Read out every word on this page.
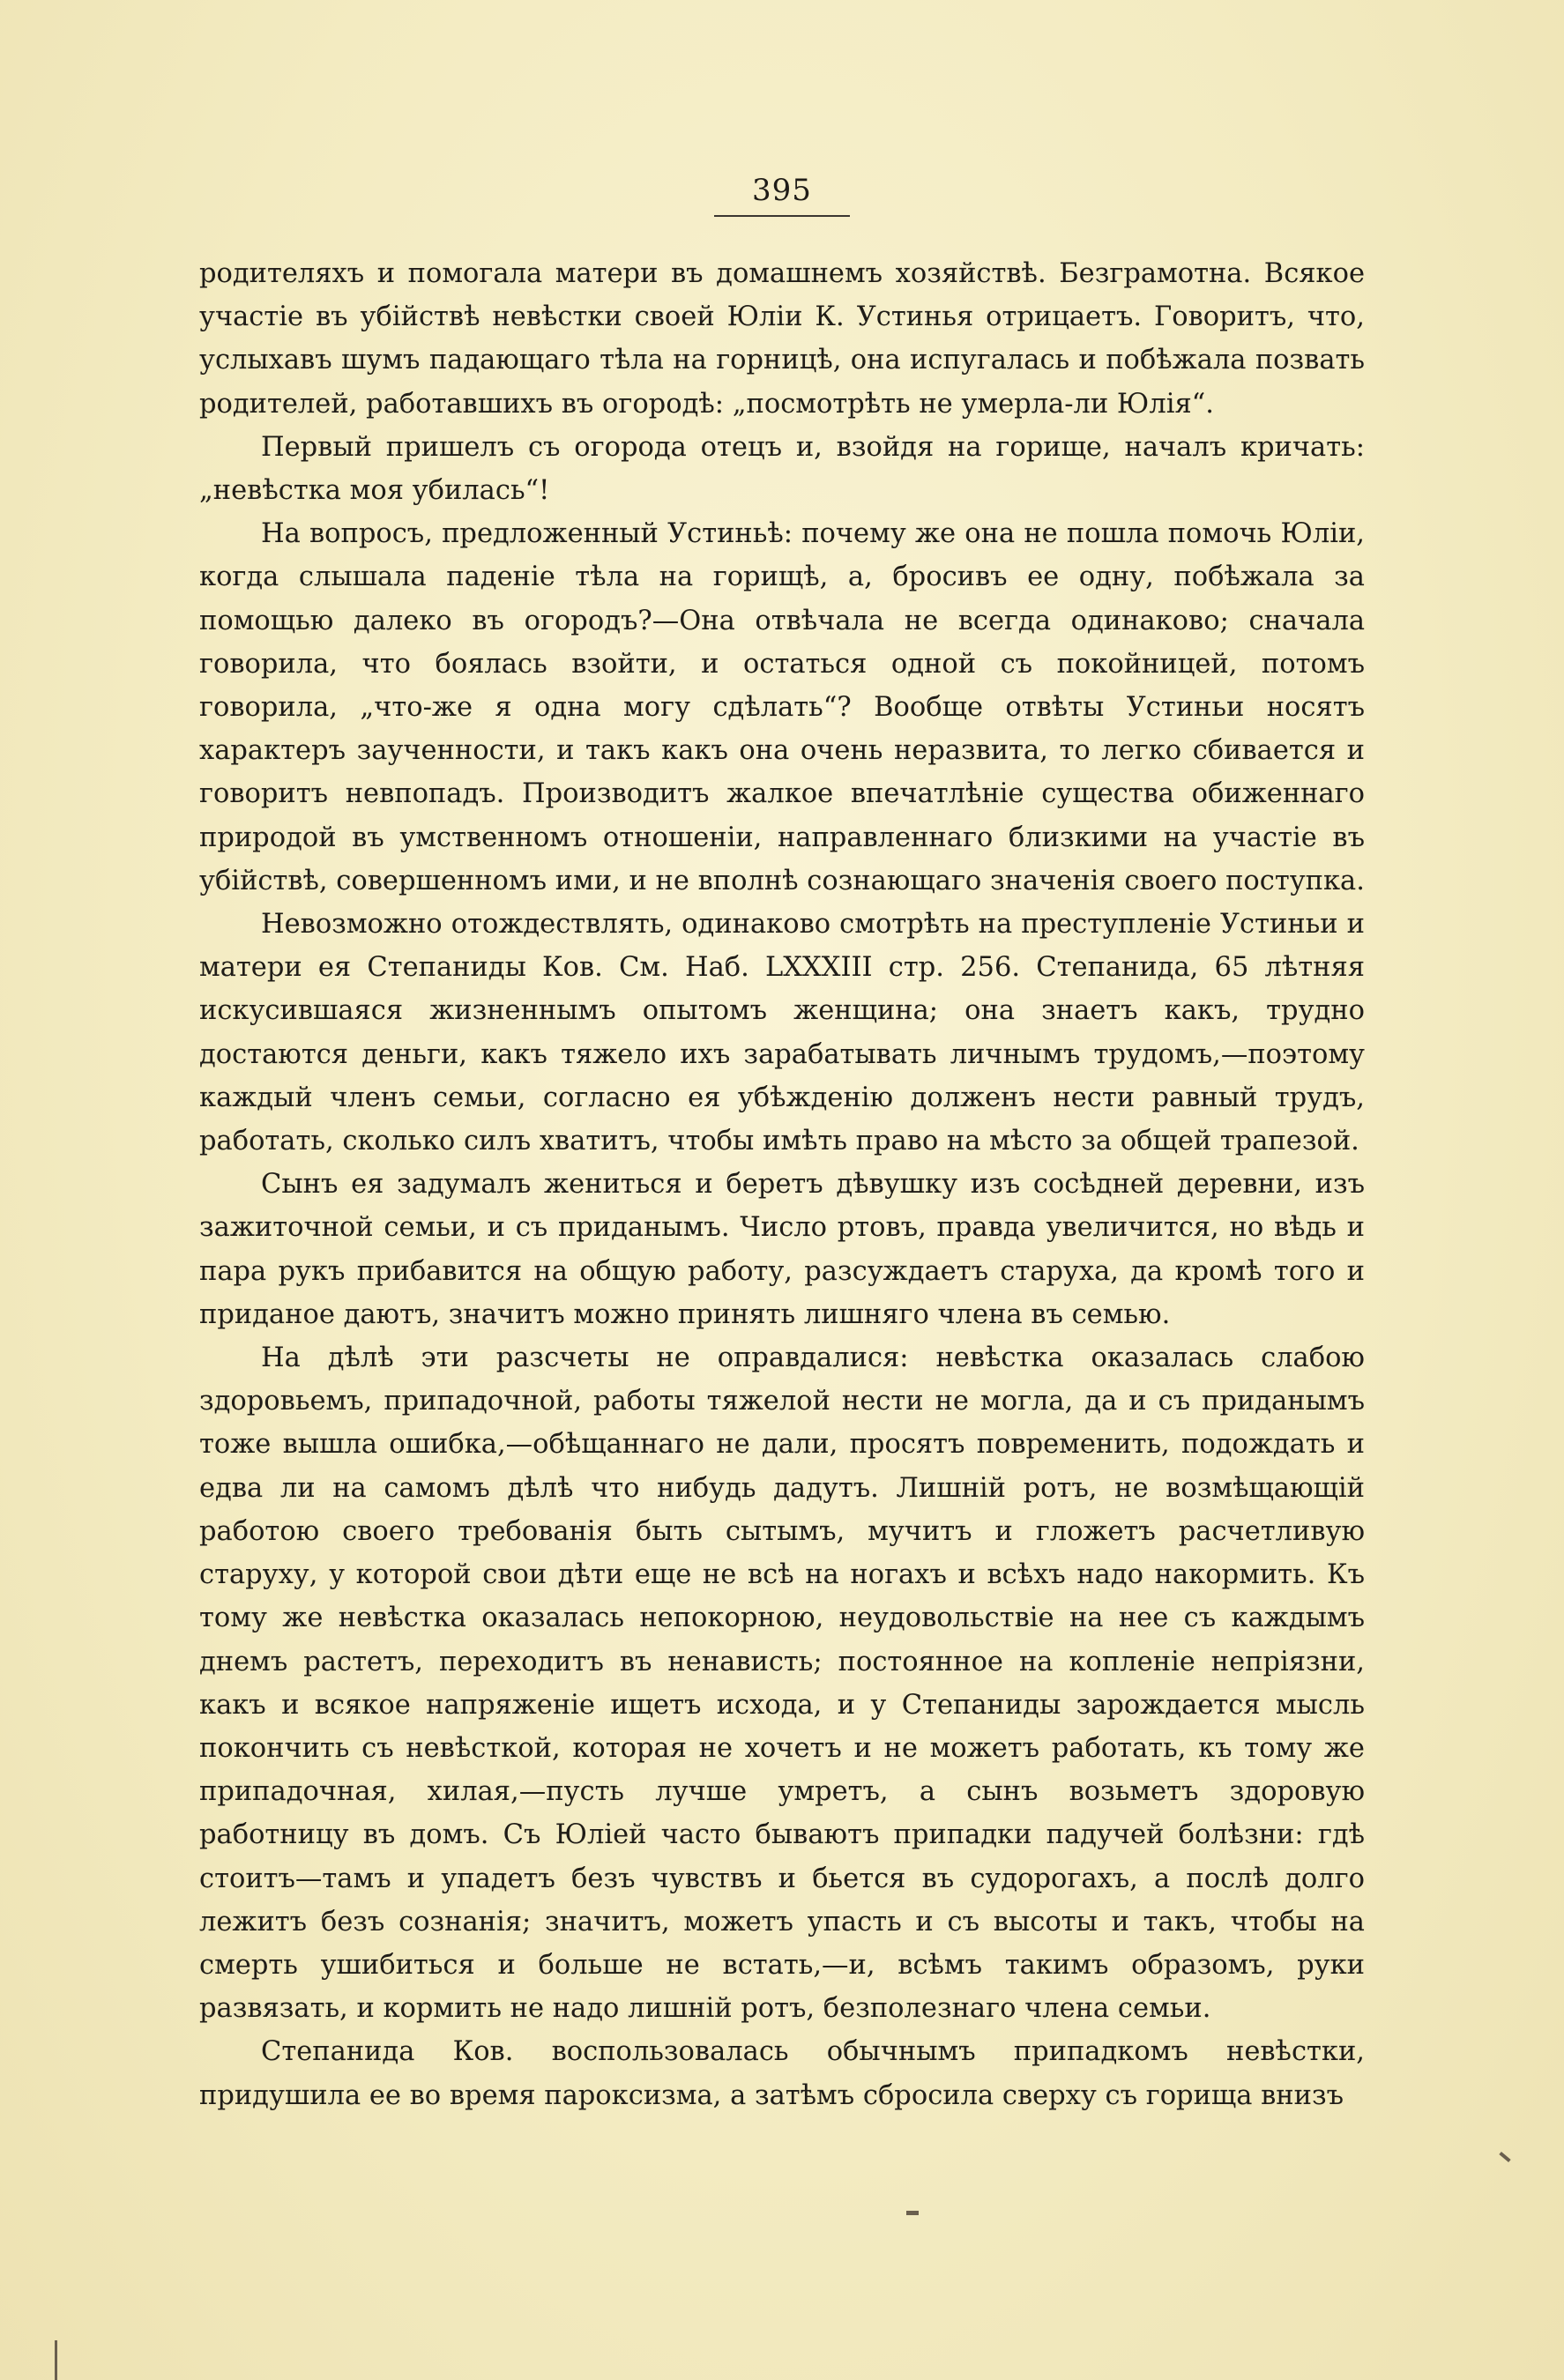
395

родителяхъ и помогала матери въ домашнемъ хозяйствѣ. Безграмотна. Всякое участіе въ убійствѣ невѣстки своей Юліи К. Устинья отрицаетъ. Говоритъ, что, услыхавъ шумъ падающаго тѣла на горницѣ, она испугалась и побѣжала позвать родителей, работавшихъ въ огородѣ: „посмотрѣть не умерла-ли Юлія“.

Первый пришелъ съ огорода отецъ и, взойдя на горище, началъ кричать: „невѣстка моя убилась“!

На вопросъ, предложенный Устиньѣ: почему же она не пошла помочь Юліи, когда слышала паденіе тѣла на горищѣ, а, бросивъ ее одну, побѣжала за помощью далеко въ огородъ?—Она отвѣчала не всегда одинаково; сначала говорила, что боялась взойти, и остаться одной съ покойницей, потомъ говорила, „что-же я одна могу сдѣлать“? Вообще отвѣты Устиньи носятъ характеръ заученности, и такъ какъ она очень неразвита, то легко сбивается и говоритъ невпопадъ. Производитъ жалкое впечатлѣніе существа обиженнаго природой въ умственномъ отношеніи, направленнаго близкими на участіе въ убійствѣ, совершенномъ ими, и не вполнѣ сознающаго значенія своего поступка.

Невозможно отождествлять, одинаково смотрѣть на преступленіе Устиньи и матери ея Степаниды Ков. См. Наб. LXXXIII стр. 256. Степанида, 65 лѣтняя искусившаяся жизненнымъ опытомъ женщина; она знаетъ какъ, трудно достаются деньги, какъ тяжело ихъ зарабатывать личнымъ трудомъ,—поэтому каждый членъ семьи, согласно ея убѣжденію долженъ нести равный трудъ, работать, сколько силъ хватитъ, чтобы имѣть право на мѣсто за общей трапезой.

Сынъ ея задумалъ жениться и беретъ дѣвушку изъ сосѣдней деревни, изъ зажиточной семьи, и съ приданымъ. Число ртовъ, правда увеличится, но вѣдь и пара рукъ прибавится на общую работу, разсуждаетъ старуха, да кромѣ того и приданое даютъ, значитъ можно принять лишняго члена въ семью.

На дѣлѣ эти разсчеты не оправдалися: невѣстка оказалась слабою здоровьемъ, припадочной, работы тяжелой нести не могла, да и съ приданымъ тоже вышла ошибка,—обѣщаннаго не дали, просятъ повременить, подождать и едва ли на самомъ дѣлѣ что нибудь дадутъ. Лишній ротъ, не возмѣщающій работою своего требованія быть сытымъ, мучитъ и гложетъ расчетливую старуху, у которой свои дѣти еще не всѣ на ногахъ и всѣхъ надо накормить. Къ тому же невѣстка оказалась непокорною, неудовольствіе на нее съ каждымъ днемъ растетъ, переходитъ въ ненависть; постоянное на копленіе непріязни, какъ и всякое напряженіе ищетъ исхода, и у Степаниды зарождается мысль покончить съ невѣсткой, которая не хочетъ и не можетъ работать, къ тому же припадочная, хилая,—пусть лучше умретъ, а сынъ возьметъ здоровую работницу въ домъ. Съ Юліей часто бываютъ припадки падучей болѣзни: гдѣ стоитъ—тамъ и упадетъ безъ чувствъ и бьется въ судорогахъ, а послѣ долго лежитъ безъ сознанія; значитъ, можетъ упасть и съ высоты и такъ, чтобы на смерть ушибиться и больше не встать,—и, всѣмъ такимъ образомъ, руки развязать, и кормить не надо лишній ротъ, безполезнаго члена семьи.

Степанида Ков. воспользовалась обычнымъ припадкомъ невѣстки, придушила ее во время пароксизма, а затѣмъ сбросила сверху съ горища внизъ
